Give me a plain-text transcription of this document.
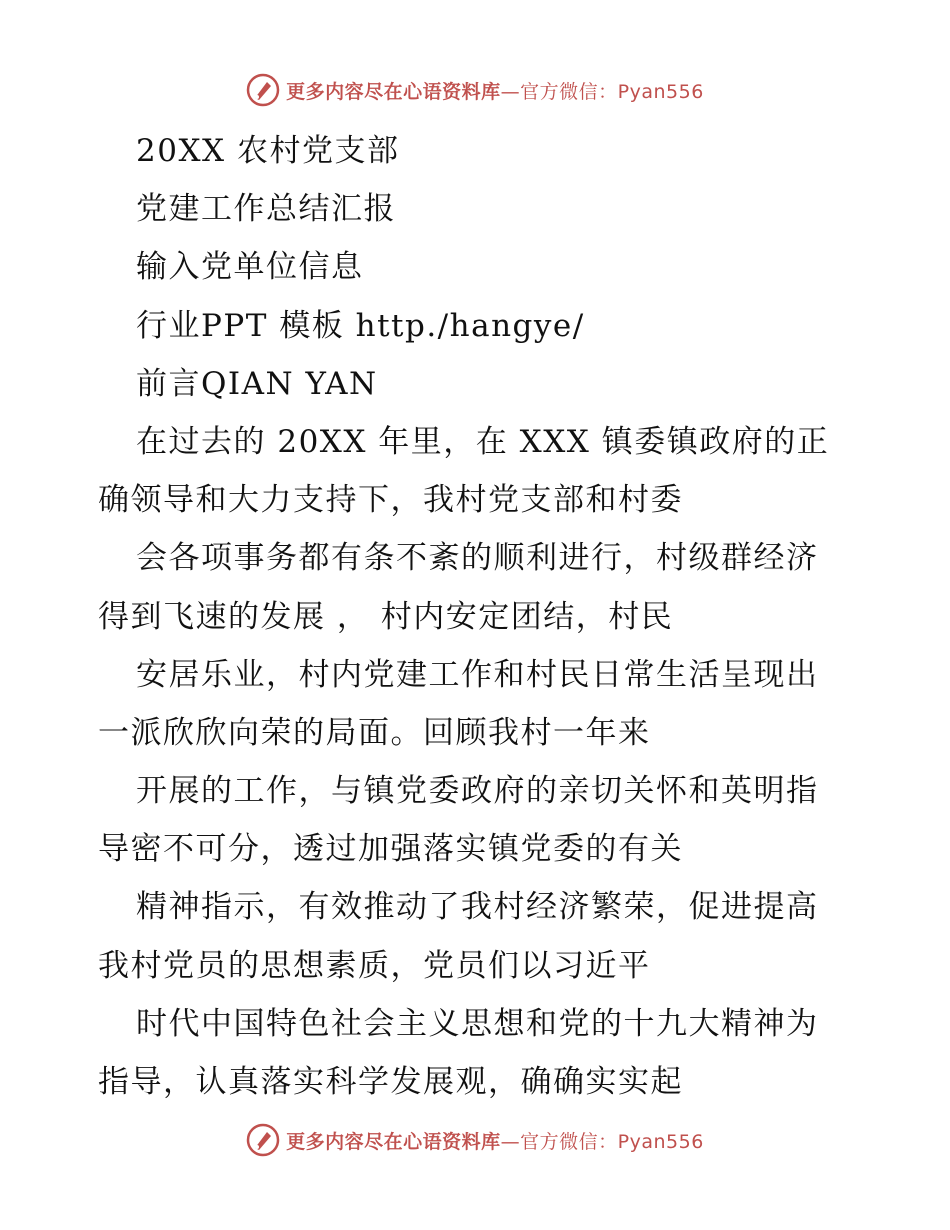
更多内容尽在心语资料库—官方微信：Pyan556
20XX 农村党支部
党建工作总结汇报
输入党单位信息
行业PPT 模板 http./hangye/
前言QIAN YAN
在过去的 20XX 年里，在 XXX 镇委镇政府的正
确领导和大力支持下，我村党支部和村委
会各项事务都有条不紊的顺利进行，村级群经济
得到飞速的发展 ， 村内安定团结，村民
安居乐业，村内党建工作和村民日常生活呈现出
一派欣欣向荣的局面。回顾我村一年来
开展的工作，与镇党委政府的亲切关怀和英明指
导密不可分，透过加强落实镇党委的有关
精神指示，有效推动了我村经济繁荣，促进提高
我村党员的思想素质，党员们以习近平
时代中国特色社会主义思想和党的十九大精神为
指导，认真落实科学发展观，确确实实起
更多内容尽在心语资料库—官方微信：Pyan556
